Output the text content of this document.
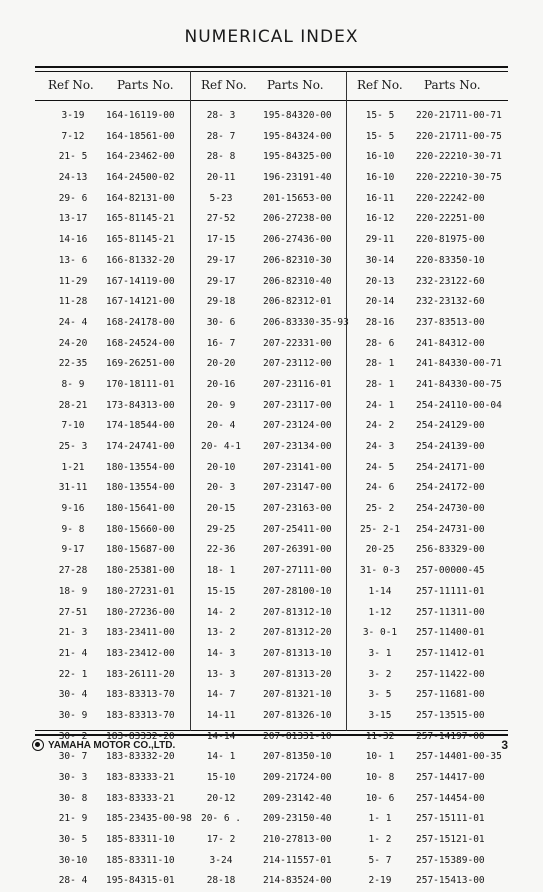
NUMERICAL INDEX
Ref No. Parts No. Ref No. Parts No.	Ref No. Parts No.
3-19	164-16119-00
7-12	164-18561-00
21- 5	164-23462-00
24-13	164-24500-02
29- 6	164-82131-00
13-17	165-81145-21
14-16	165-81145-21
13- 6	166-81332-20
11-29	167-14119-00
11-28	167-14121-00
24- 4	168-24178-00
24-20	168-24524-00
22-35	169-26251-00
8- 9	170-18111-01
28-21	173-84313-00
7-10	174-18544-00
25- 3	174-24741-00
1-21	180-13554-00
31-11	180-13554-00
9-16	180-15641-00
9- 8	180-15660-00
9-17	180-15687-00
27-28	180-25381-00
18- 9	180-27231-01
27-51	180-27236-00
21- 3	183-23411-00
21- 4	183-23412-00
22- 1	183-26111-20
30- 4	183-83313-70
30- 9	183-83313-70
30- 2	183-83332-20
30- 7	183-83332-20
30- 3	183-83333-21
30- 8	183-83333-21
21- 9	185-23435-00-98
30- 5	185-83311-10
30-10	185-83311-10
28- 4	195-84315-01
28- 3	195-84320-00
28- 7	195-84324-00
28- 8	195-84325-00
20-11	196-23191-40
5-23	201-15653-00
27-52	206-27238-00
17-15	206-27436-00
29-17	206-82310-30
29-17	206-82310-40
29-18	206-82312-01
30- 6	206-83330-35-93
16- 7	207-22331-00
20-20	207-23112-00
20-16	207-23116-01
20- 9	207-23117-00
20- 4	207-23124-00
20- 4-1	207-23134-00
20-10	207-23141-00
20- 3	207-23147-00
20-15	207-23163-00
29-25	207-25411-00
22-36	207-26391-00
18- 1	207-27111-00
15-15	207-28100-10
14- 2	207-81312-10
13- 2	207-81312-20
14- 3	207-81313-10
13- 3	207-81313-20
14- 7	207-81321-10
14-11	207-81326-10
14-14	207-81331-10
14- 1	207-81350-10
15-10	209-21724-00
20-12	209-23142-40
20- 6 .	209-23150-40
17- 2	210-27813-00
3-24	214-11557-01
28-18	214-83524-00
15- 5	220-21711-00-71
15- 5	220-21711-00-75
16-10	220-22210-30-71
16-10	220-22210-30-75
16-11	220-22242-00
16-12	220-22251-00
29-11	220-81975-00
30-14	220-83350-10
20-13	232-23122-60
20-14	232-23132-60
28-16	237-83513-00
28- 6	241-84312-00
28- 1	241-84330-00-71
28- 1	241-84330-00-75
24- 1	254-24110-00-04
24- 2	254-24129-00
24- 3	254-24139-00
24- 5	254-24171-00
24- 6	254-24172-00
25- 2	254-24730-00
25- 2-1	254-24731-00
20-25	256-83329-00
31- 0-3	257-00000-45
1-14	257-11111-01
1-12	257-11311-00
3- 0-1	257-11400-01
3- 1	257-11412-01
3- 2	257-11422-00
3- 5	257-11681-00
3-15	257-13515-00
11-32	257-14197-00
10- 1	257-14401-00-35
10- 8	257-14417-00
10- 6	257-14454-00
1- 1	257-15111-01
1- 2	257-15121-01
5- 7	257-15389-00
2-19	257-15413-00
YAMAHA MOTOR CO.,LTD.	3
